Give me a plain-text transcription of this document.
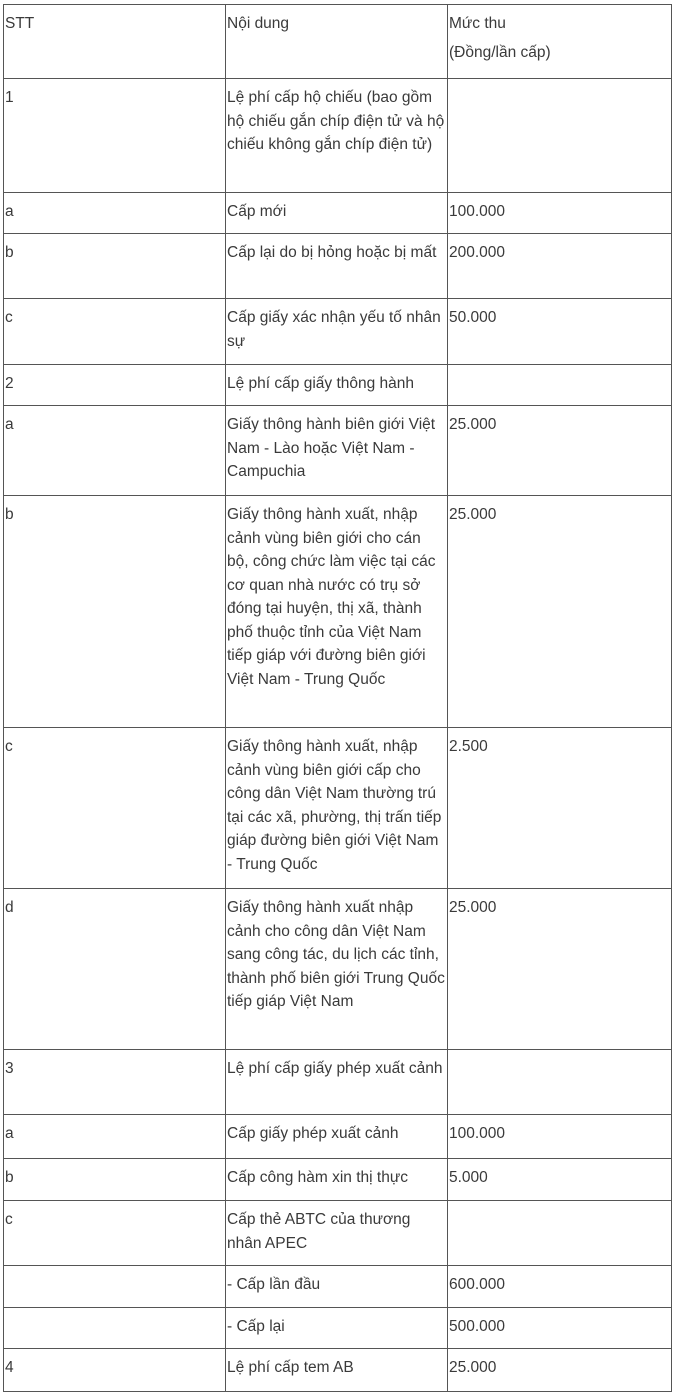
STT	Nội dung	Mức thu
(Đồng/lần cấp)

1	Lệ phí cấp hộ chiếu (bao gồm hộ chiếu gắn chíp điện tử và hộ chiếu không gắn chíp điện tử)	
a	Cấp mới	100.000
b	Cấp lại do bị hỏng hoặc bị mất	200.000
c	Cấp giấy xác nhận yếu tố nhân sự	50.000
2	Lệ phí cấp giấy thông hành	
a	Giấy thông hành biên giới Việt Nam - Lào hoặc Việt Nam - Campuchia	25.000
b	Giấy thông hành xuất, nhập cảnh vùng biên giới cho cán bộ, công chức làm việc tại các cơ quan nhà nước có trụ sở đóng tại huyện, thị xã, thành phố thuộc tỉnh của Việt Nam tiếp giáp với đường biên giới Việt Nam - Trung Quốc	25.000
c	Giấy thông hành xuất, nhập cảnh vùng biên giới cấp cho công dân Việt Nam thường trú tại các xã, phường, thị trấn tiếp giáp đường biên giới Việt Nam - Trung Quốc	2.500
d	Giấy thông hành xuất nhập cảnh cho công dân Việt Nam sang công tác, du lịch các tỉnh, thành phố biên giới Trung Quốc tiếp giáp Việt Nam	25.000
3	Lệ phí cấp giấy phép xuất cảnh	
a	Cấp giấy phép xuất cảnh	100.000
b	Cấp công hàm xin thị thực	5.000
c	Cấp thẻ ABTC của thương nhân APEC	
	- Cấp lần đầu	600.000
	- Cấp lại	500.000
4	Lệ phí cấp tem AB	25.000
